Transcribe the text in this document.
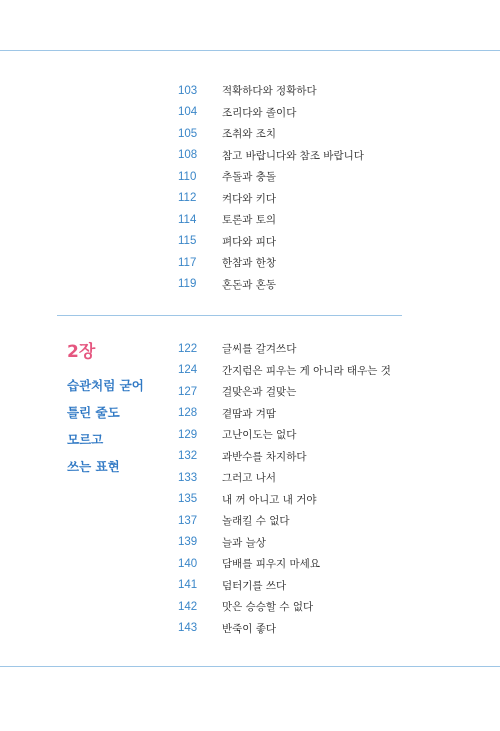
103	적확하다와 정확하다
104	조리다와 졸이다
105	조취와 조치
108	참고 바랍니다와 참조 바랍니다
110	추돌과 충돌
112	켜다와 키다
114	토론과 토의
115	펴다와 피다
117	한참과 한창
119	혼돈과 혼동
2장
습관처럼 굳어
틀린 줄도
모르고
쓰는 표현
122	글씨를 갈겨쓰다
124	간지럼은 피우는 게 아니라 태우는 것
127	걸맞은과 걸맞는
128	곁땀과 겨땀
129	고난이도는 없다
132	과반수를 차지하다
133	그러고 나서
135	내 꺼 아니고 내 거야
137	놀래킬 수 없다
139	늘과 늘상
140	담배를 피우지 마세요
141	덤터기를 쓰다
142	맛은 승승할 수 없다
143	반죽이 좋다
